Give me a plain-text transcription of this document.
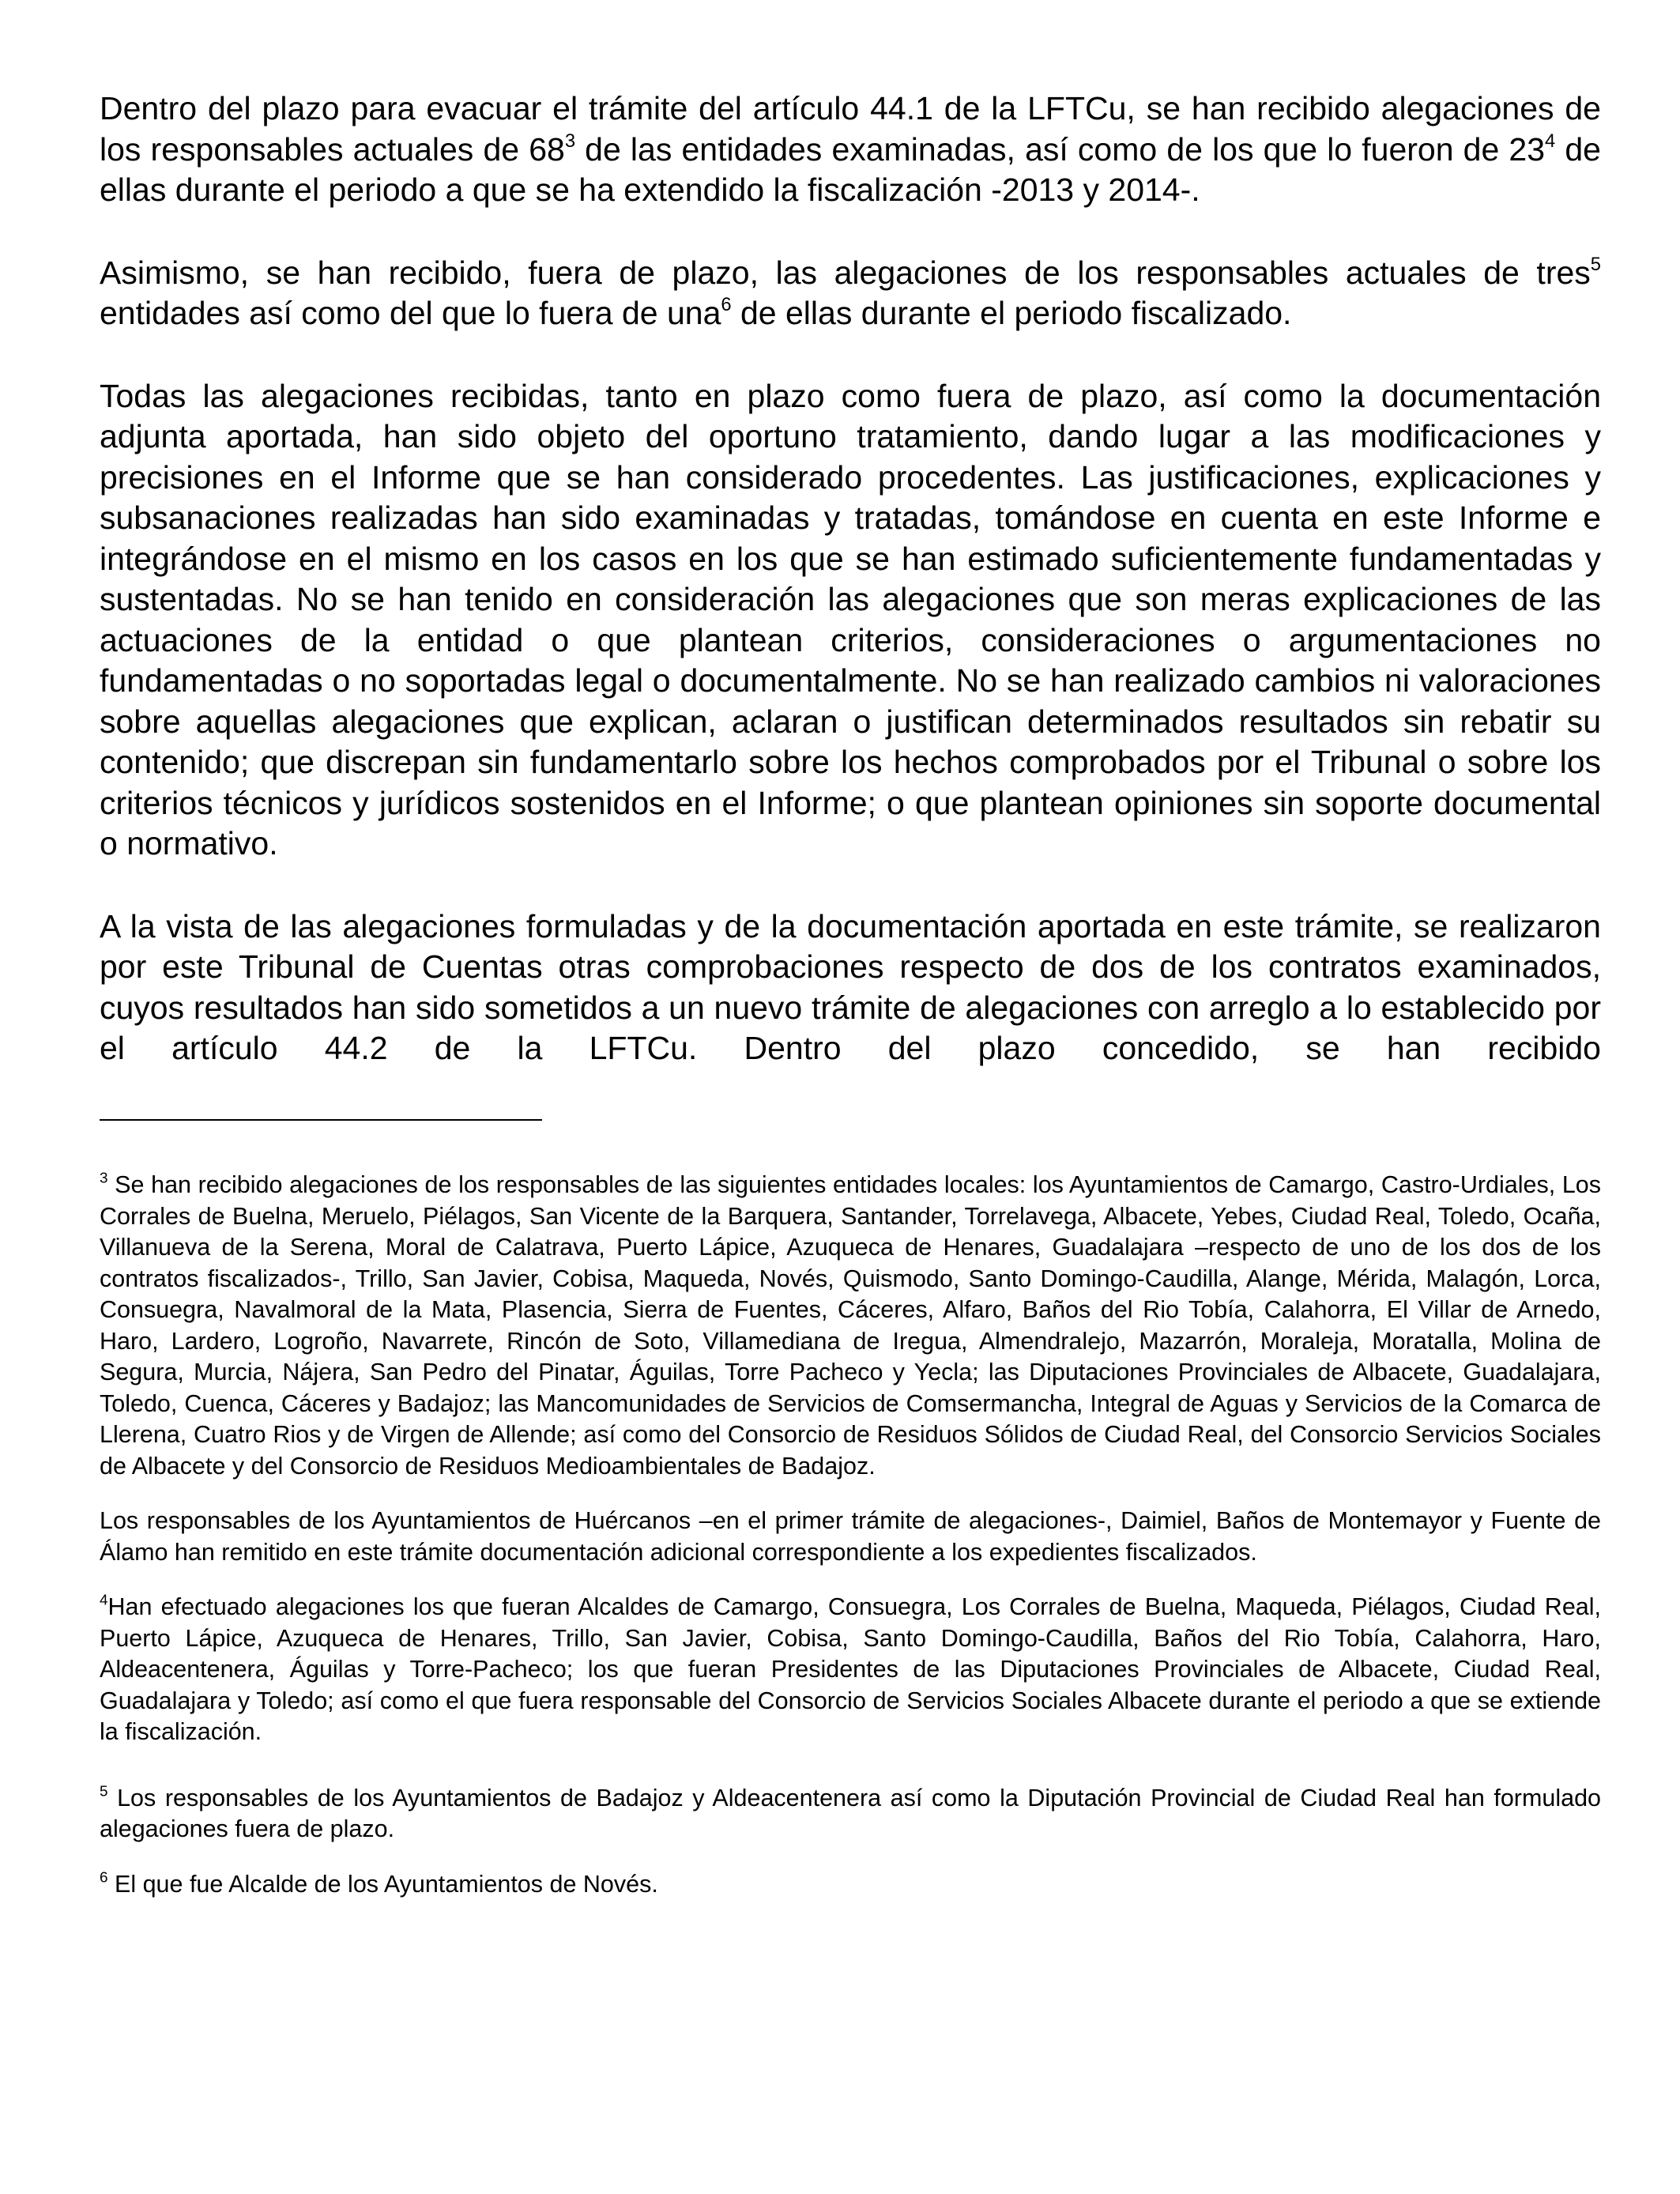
Dentro del plazo para evacuar el trámite del artículo 44.1 de la LFTCu, se han recibido alegaciones de los responsables actuales de $68^3$ de las entidades examinadas, así como de los que lo fueron de $23^4$ de ellas durante el periodo a que se ha extendido la fiscalización -2013 y 2014-.

Asimismo, se han recibido, fuera de plazo, las alegaciones de los responsables actuales de tres$^5$ entidades así como del que lo fuera de una$^6$ de ellas durante el periodo fiscalizado.

Todas las alegaciones recibidas, tanto en plazo como fuera de plazo, así como la documentación adjunta aportada, han sido objeto del oportuno tratamiento, dando lugar a las modificaciones y precisiones en el Informe que se han considerado procedentes. Las justificaciones, explicaciones y subsanaciones realizadas han sido examinadas y tratadas, tomándose en cuenta en este Informe e integrándose en el mismo en los casos en los que se han estimado suficientemente fundamentadas y sustentadas. No se han tenido en consideración las alegaciones que son meras explicaciones de las actuaciones de la entidad o que plantean criterios, consideraciones o argumentaciones no fundamentadas o no soportadas legal o documentalmente. No se han realizado cambios ni valoraciones sobre aquellas alegaciones que explican, aclaran o justifican determinados resultados sin rebatir su contenido; que discrepan sin fundamentarlo sobre los hechos comprobados por el Tribunal o sobre los criterios técnicos y jurídicos sostenidos en el Informe; o que plantean opiniones sin soporte documental o normativo.

A la vista de las alegaciones formuladas y de la documentación aportada en este trámite, se realizaron por este Tribunal de Cuentas otras comprobaciones respecto de dos de los contratos examinados, cuyos resultados han sido sometidos a un nuevo trámite de alegaciones con arreglo a lo establecido por el artículo 44.2 de la LFTCu. Dentro del plazo concedido, se han recibido

$^3$ Se han recibido alegaciones de los responsables de las siguientes entidades locales: los Ayuntamientos de Camargo, Castro-Urdiales, Los Corrales de Buelna, Meruelo, Piélagos, San Vicente de la Barquera, Santander, Torrelavega, Albacete, Yebes, Ciudad Real, Toledo, Ocaña, Villanueva de la Serena, Moral de Calatrava, Puerto Lápice, Azuqueca de Henares, Guadalajara –respecto de uno de los dos de los contratos fiscalizados-, Trillo, San Javier, Cobisa, Maqueda, Novés, Quismodo, Santo Domingo-Caudilla, Alange, Mérida, Malagón, Lorca, Consuegra, Navalmoral de la Mata, Plasencia, Sierra de Fuentes, Cáceres, Alfaro, Baños del Rio Tobía, Calahorra, El Villar de Arnedo, Haro, Lardero, Logroño, Navarrete, Rincón de Soto, Villamediana de Iregua, Almendralejo, Mazarrón, Moraleja, Moratalla, Molina de Segura, Murcia, Nájera, San Pedro del Pinatar, Águilas, Torre Pacheco y Yecla; las Diputaciones Provinciales de Albacete, Guadalajara, Toledo, Cuenca, Cáceres y Badajoz; las Mancomunidades de Servicios de Comsermancha, Integral de Aguas y Servicios de la Comarca de Llerena, Cuatro Rios y de Virgen de Allende; así como del Consorcio de Residuos Sólidos de Ciudad Real, del Consorcio Servicios Sociales de Albacete y del Consorcio de Residuos Medioambientales de Badajoz.

Los responsables de los Ayuntamientos de Huércanos –en el primer trámite de alegaciones-, Daimiel, Baños de Montemayor y Fuente de Álamo han remitido en este trámite documentación adicional correspondiente a los expedientes fiscalizados.

$^4$Han efectuado alegaciones los que fueran Alcaldes de Camargo, Consuegra, Los Corrales de Buelna, Maqueda, Piélagos, Ciudad Real, Puerto Lápice, Azuqueca de Henares, Trillo, San Javier, Cobisa, Santo Domingo-Caudilla, Baños del Rio Tobía, Calahorra, Haro, Aldeacentenera, Águilas y Torre-Pacheco; los que fueran Presidentes de las Diputaciones Provinciales de Albacete, Ciudad Real, Guadalajara y Toledo; así como el que fuera responsable del Consorcio de Servicios Sociales Albacete durante el periodo a que se extiende la fiscalización.

$^5$ Los responsables de los Ayuntamientos de Badajoz y Aldeacentenera así como la Diputación Provincial de Ciudad Real han formulado alegaciones fuera de plazo.

$^6$ El que fue Alcalde de los Ayuntamientos de Novés.
